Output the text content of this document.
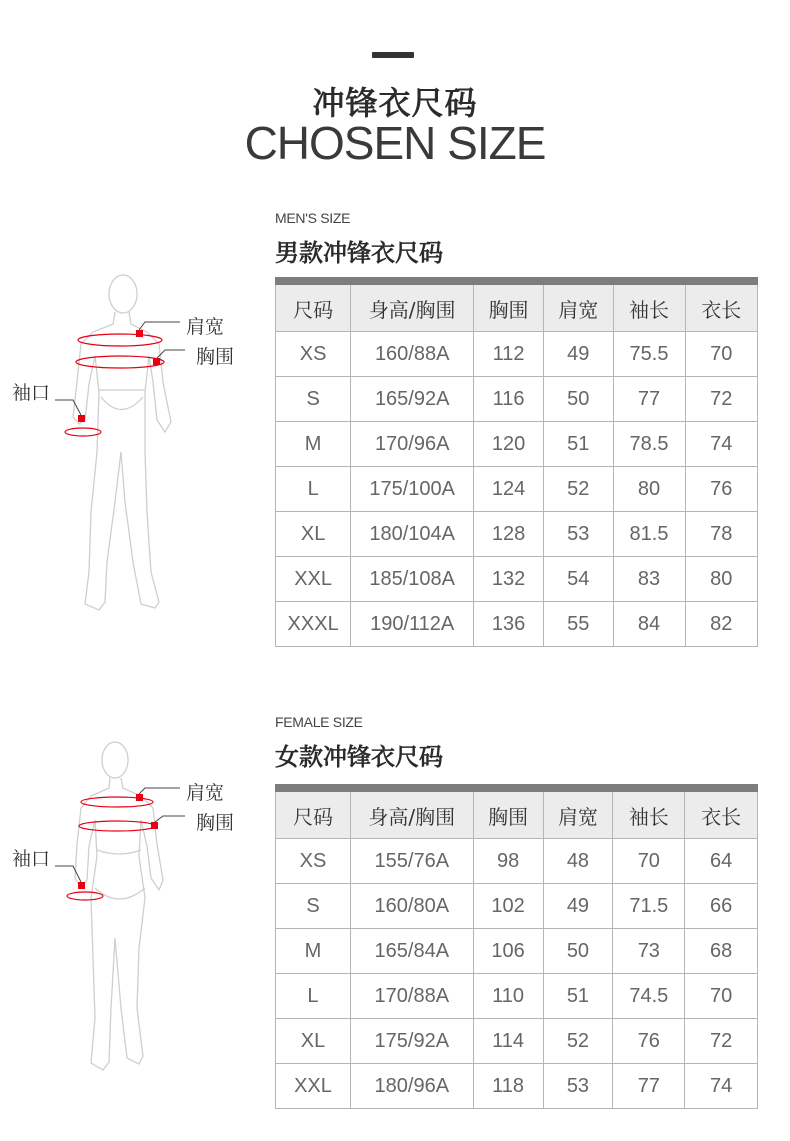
冲锋衣尺码
CHOSEN SIZE
MEN'S SIZE
男款冲锋衣尺码
肩宽
胸围
袖口
尺码	身高/胸围	胸围	肩宽	袖长	衣长
XS	160/88A	112	49	75.5	70
S	165/92A	116	50	77	72
M	170/96A	120	51	78.5	74
L	175/100A	124	52	80	76
XL	180/104A	128	53	81.5	78
XXL	185/108A	132	54	83	80
XXXL	190/112A	136	55	84	82
FEMALE SIZE
女款冲锋衣尺码
肩宽
胸围
袖口
尺码	身高/胸围	胸围	肩宽	袖长	衣长
XS	155/76A	98	48	70	64
S	160/80A	102	49	71.5	66
M	165/84A	106	50	73	68
L	170/88A	110	51	74.5	70
XL	175/92A	114	52	76	72
XXL	180/96A	118	53	77	74
